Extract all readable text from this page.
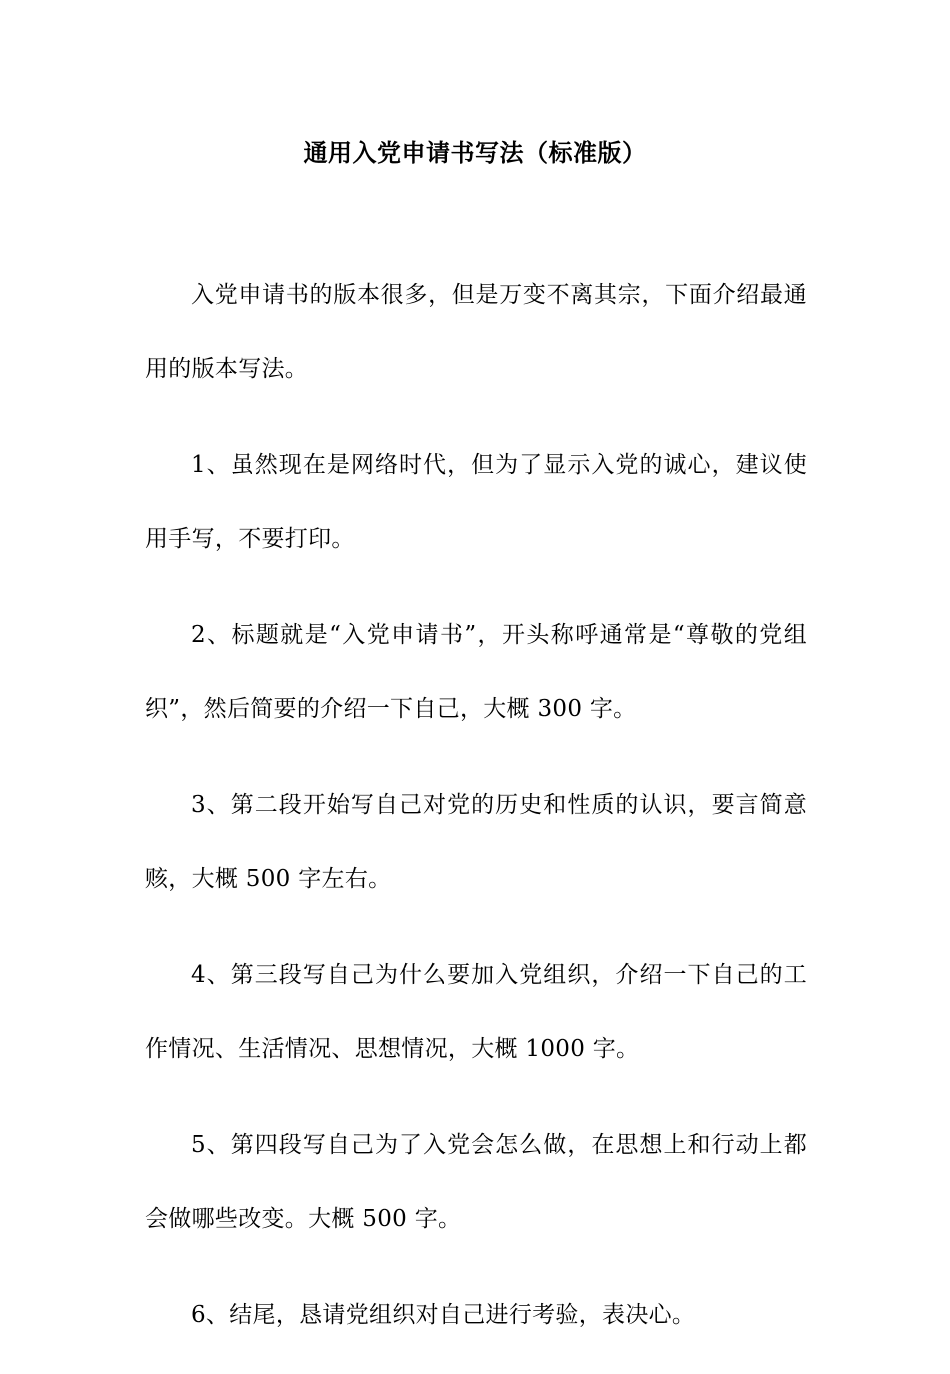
通用入党申请书写法（标准版）

入党申请书的版本很多，但是万变不离其宗，下面介绍最通用的版本写法。

1、虽然现在是网络时代，但为了显示入党的诚心，建议使用手写，不要打印。

2、标题就是“入党申请书”，开头称呼通常是“尊敬的党组织”，然后简要的介绍一下自己，大概 300 字。

3、第二段开始写自己对党的历史和性质的认识，要言简意赅，大概 500 字左右。

4、第三段写自己为什么要加入党组织，介绍一下自己的工作情况、生活情况、思想情况，大概 1000 字。

5、第四段写自己为了入党会怎么做，在思想上和行动上都会做哪些改变。大概 500 字。

6、结尾，恳请党组织对自己进行考验，表决心。
